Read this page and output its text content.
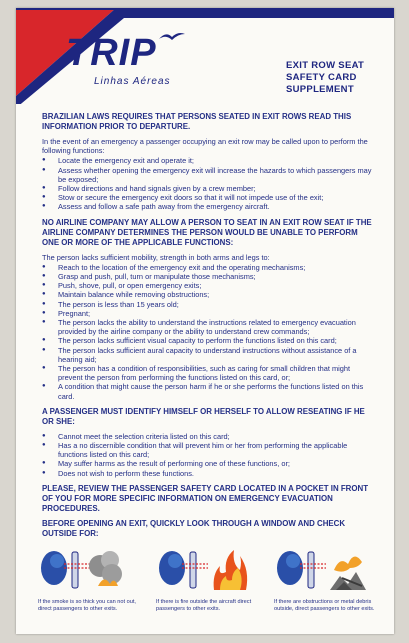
TRIP
Linhas Aéreas
EXIT ROW SEAT
SAFETY CARD
SUPPLEMENT
BRAZILIAN LAWS REQUIRES THAT PERSONS SEATED IN EXIT ROWS READ THIS INFORMATION PRIOR TO DEPARTURE.
In the event of an emergency a passenger occupying an exit row may be called upon to perform the following functions:
● Locate the emergency exit and operate it;
● Assess whether opening the emergency exit will increase the hazards to which passengers may be exposed;
● Follow directions and hand signals given by a crew member;
● Stow or secure the emergency exit doors so that it will not impede use of the exit;
● Assess and follow a safe path away from the emergency aircraft.
NO AIRLINE COMPANY MAY ALLOW A PERSON TO SEAT IN AN EXIT ROW SEAT IF THE AIRLINE COMPANY DETERMINES THE PERSON WOULD BE UNABLE TO PERFORM ONE OR MORE OF THE APPLICABLE FUNCTIONS:
The person lacks sufficient mobility, strength in both arms and legs to:
● Reach to the location of the emergency exit and the operating mechanisms;
● Grasp and push, pull, turn or manipulate those mechanisms;
● Push, shove, pull, or open emergency exits;
● Maintain balance while removing obstructions;
● The person is less than 15 years old;
● Pregnant;
● The person lacks the ability to understand the instructions related to emergency evacuation provided by the airline company or the ability to understand crew commands;
● The person lacks sufficient visual capacity to perform the functions listed on this card;
● The person lacks sufficient aural capacity to understand instructions without assistance of a hearing aid;
● The person has a condition of responsibilities, such as caring for small children that might prevent the person from performing the functions listed on this card, or;
● A condition that might cause the person harm if he or she performs the functions listed on this card.
A PASSENGER MUST IDENTIFY HIMSELF OR HERSELF TO ALLOW RESEATING IF HE OR SHE:
● Cannot meet the selection criteria listed on this card;
● Has a no discernible condition that will prevent him or her from performing the applicable functions listed on this card;
● May suffer harms as the result of performing one of these functions, or;
● Does not wish to perform these functions.
PLEASE, REVIEW THE PASSENGER SAFETY CARD LOCATED IN A POCKET IN FRONT OF YOU FOR MORE SPECIFIC INFORMATION ON EMERGENCY EVACUATION PROCEDURES.
BEFORE OPENING AN EXIT, QUICKLY LOOK THROUGH A WINDOW AND CHECK OUTSIDE FOR:
If the smoke is so thick you can not out, direct passengers to other exits.
If there is fire outside the aircraft direct passengers to other exits.
If there are obstructions or metal debris outside, direct passengers to other exits.
